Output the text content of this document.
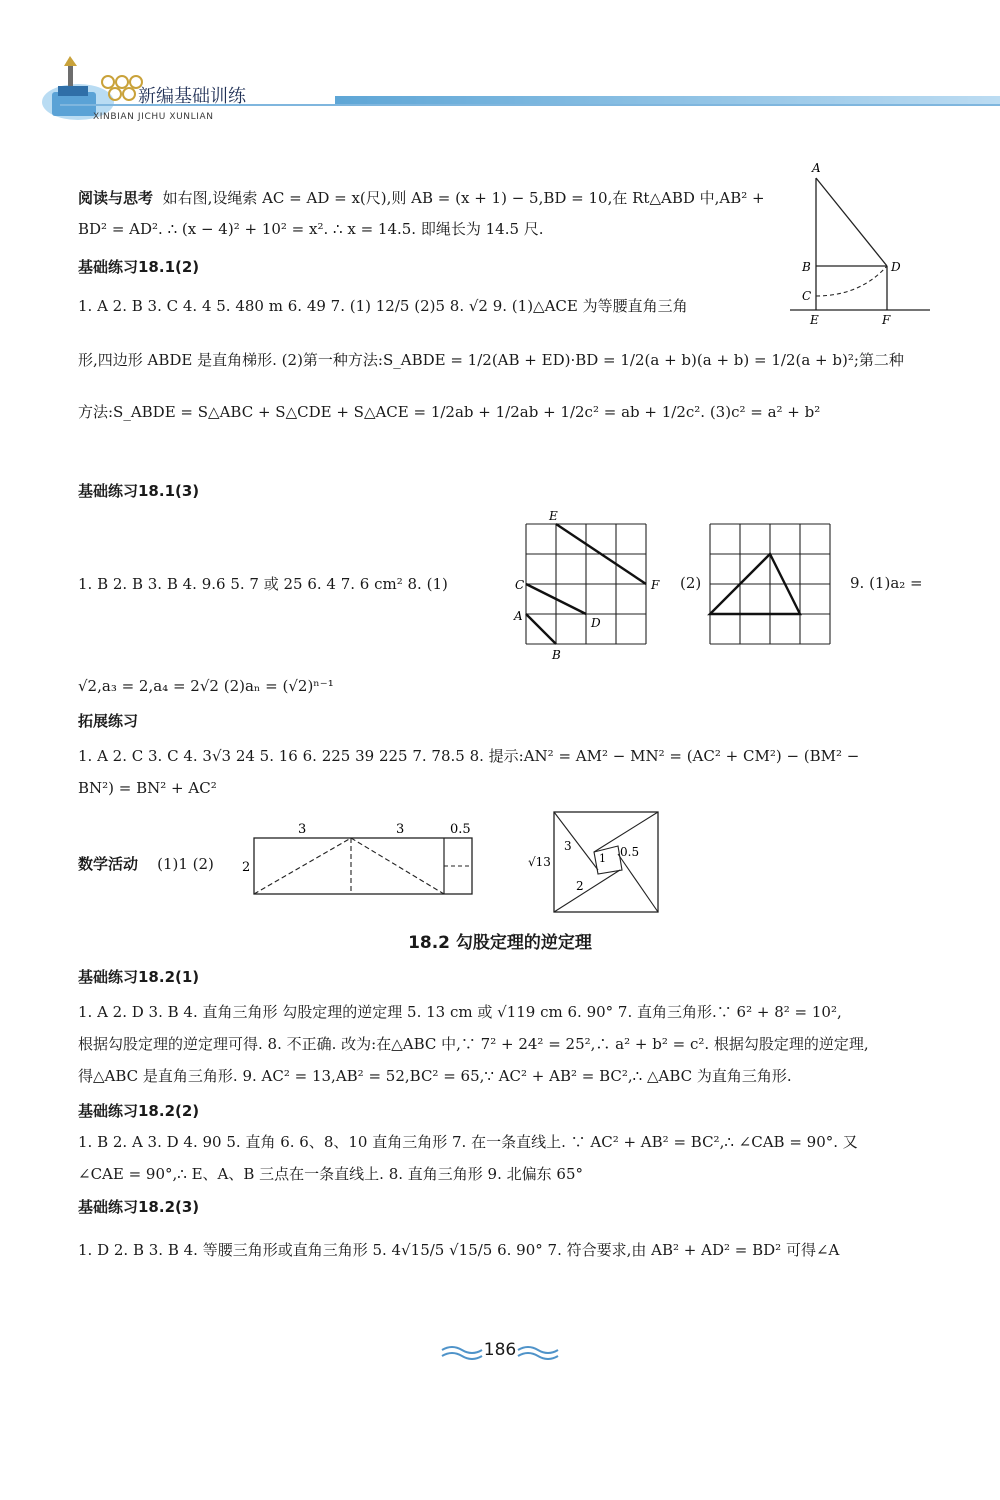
新编基础训练
XINBIAN JICHU XUNLIAN
阅读与思考 如右图,设绳索 AC = AD = x(尺),则 AB = (x + 1) − 5,BD = 10,在 Rt△ABD 中,AB² +
BD² = AD². ∴ (x − 4)² + 10² = x². ∴ x = 14.5. 即绳长为 14.5 尺.
A
B
C
D
E	F
基础练习18.1(2)
1. A 2. B 3. C 4. 4 5. 480 m 6. 49 7. (1) 12/5 (2)5 8. √2 9. (1)△ACE 为等腰直角三角
形,四边形 ABDE 是直角梯形. (2)第一种方法:S_ABDE = 1/2(AB + ED)·BD = 1/2(a + b)(a + b) = 1/2(a + b)²;第二种
方法:S_ABDE = S△ABC + S△CDE + S△ACE = 1/2ab + 1/2ab + 1/2c² = ab + 1/2c². (3)c² = a² + b²
基础练习18.1(3)
1. B 2. B 3. B 4. 9.6 5. 7 或 25 6. 4 7. 6 cm² 8. (1)
E
C
A	D
B
F (2)	9. (1)a₂ =
√2,a₃ = 2,a₄ = 2√2 (2)aₙ = (√2)ⁿ⁻¹
拓展练习
1. A 2. C 3. C 4. 3√3 24 5. 16 6. 225 39 225 7. 78.5 8. 提示:AN² = AM² − MN² = (AC² + CM²) − (BM² −
BN²) = BN² + AC²
数学活动 (1)1 (2)
3	3	0.5
2	√13
3
1 0.5
2
18.2 勾股定理的逆定理
基础练习18.2(1)
1. A 2. D 3. B 4. 直角三角形 勾股定理的逆定理 5. 13 cm 或 √119 cm 6. 90° 7. 直角三角形.∵ 6² + 8² = 10²,
根据勾股定理的逆定理可得. 8. 不正确. 改为:在△ABC 中,∵ 7² + 24² = 25²,∴ a² + b² = c². 根据勾股定理的逆定理,
得△ABC 是直角三角形. 9. AC² = 13,AB² = 52,BC² = 65,∵ AC² + AB² = BC²,∴ △ABC 为直角三角形.
基础练习18.2(2)
1. B 2. A 3. D 4. 90 5. 直角 6. 6、8、10 直角三角形 7. 在一条直线上. ∵ AC² + AB² = BC²,∴ ∠CAB = 90°. 又
∠CAE = 90°,∴ E、A、B 三点在一条直线上. 8. 直角三角形 9. 北偏东 65°
基础练习18.2(3)
1. D 2. B 3. B 4. 等腰三角形或直角三角形 5. 4√15/5 √15/5 6. 90° 7. 符合要求,由 AB² + AD² = BD² 可得∠A
186
